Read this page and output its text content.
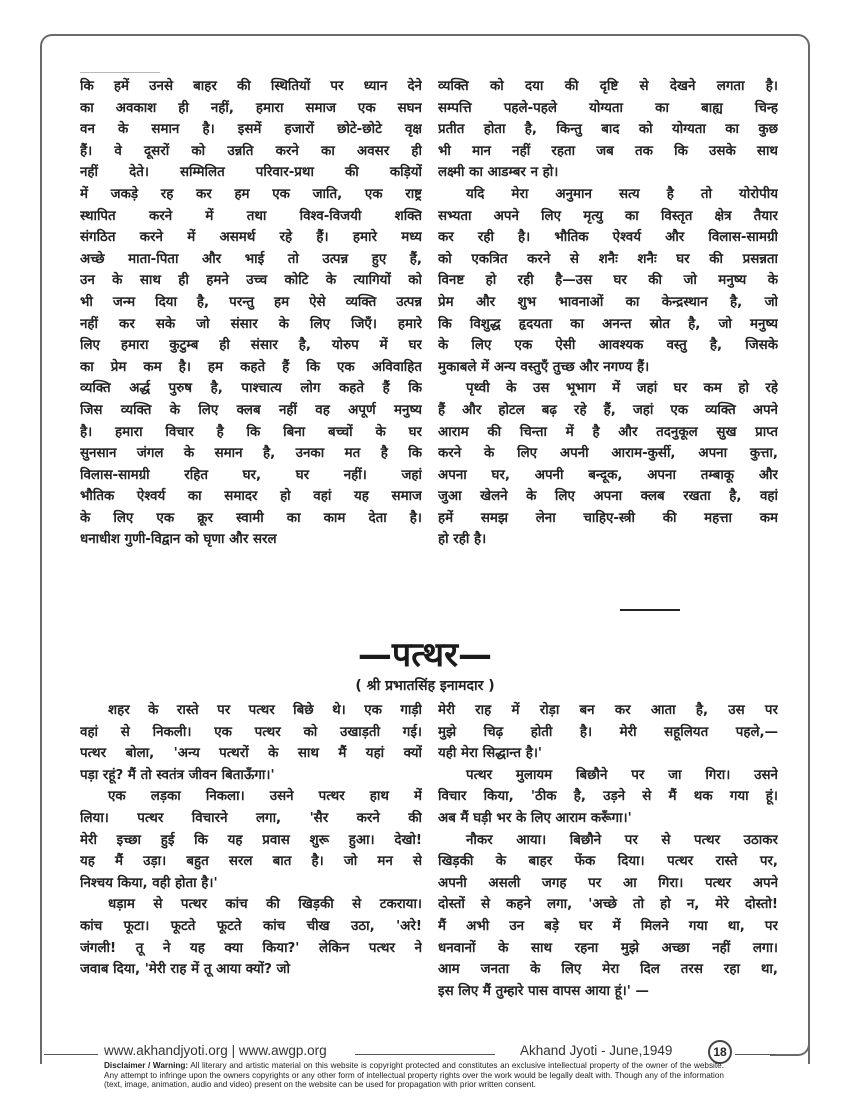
कि हमें उनसे बाहर की स्थितियों पर ध्यान देने
का अवकाश ही नहीं, हमारा समाज एक सघन
वन के समान है। इसमें हजारों छोटे-छोटे वृक्ष
हैं। वे दूसरों को उन्नति करने का अवसर ही
नहीं देते। सम्मिलित परिवार-प्रथा की कड़ियों
में जकड़े रह कर हम एक जाति, एक राष्ट्र
स्थापित करने में तथा विश्व-विजयी शक्ति
संगठित करने में असमर्थ रहे हैं। हमारे मध्य
अच्छे माता-पिता और भाई तो उत्पन्न हुए हैं,
उन के साथ ही हमने उच्च कोटि के त्यागियों को
भी जन्म दिया है, परन्तु हम ऐसे व्यक्ति उत्पन्न
नहीं कर सके जो संसार के लिए जिएँ। हमारे
लिए हमारा कुटुम्ब ही संसार है, योरुप में घर
का प्रेम कम है। हम कहते हैं कि एक अविवाहित
व्यक्ति अर्द्ध पुरुष है, पाश्चात्य लोग कहते हैं कि
जिस व्यक्ति के लिए क्लब नहीं वह अपूर्ण मनुष्य
है। हमारा विचार है कि बिना बच्चों के घर
सुनसान जंगल के समान है, उनका मत है कि
विलास-सामग्री रहित घर, घर नहीं। जहां
भौतिक ऐश्वर्य का समादर हो वहां यह समाज
के लिए एक क्रूर स्वामी का काम देता है।
धनाधीश गुणी-विद्वान को घृणा और सरल

व्यक्ति को दया की दृष्टि से देखने लगता है।
सम्पत्ति पहले-पहले योग्यता का बाह्य चिन्ह
प्रतीत होता है, किन्तु बाद को योग्यता का कुछ
भी मान नहीं रहता जब तक कि उसके साथ
लक्ष्मी का आडम्बर न हो।

यदि मेरा अनुमान सत्य है तो योरोपीय
सभ्यता अपने लिए मृत्यु का विस्तृत क्षेत्र तैयार
कर रही है। भौतिक ऐश्वर्य और विलास-सामग्री
को एकत्रित करने से शनैः शनैः घर की प्रसन्नता
विनष्ट हो रही है—उस घर की जो मनुष्य के
प्रेम और शुभ भावनाओं का केन्द्रस्थान है, जो
कि विशुद्ध हृदयता का अनन्त स्रोत है, जो मनुष्य
के लिए एक ऐसी आवश्यक वस्तु है, जिसके
मुकाबले में अन्य वस्तुएँ तुच्छ और नगण्य हैं।

पृथ्वी के उस भूभाग में जहां घर कम हो रहे
हैं और होटल बढ़ रहे हैं, जहां एक व्यक्ति अपने
आराम की चिन्ता में है और तदनुकूल सुख प्राप्त
करने के लिए अपनी आराम-कुर्सी, अपना कुत्ता,
अपना घर, अपनी बन्दूक, अपना तम्बाकू और
जुआ खेलने के लिए अपना क्लब रखता है, वहां
हमें समझ लेना चाहिए-स्त्री की महत्ता कम
हो रही है।

—पत्थर—
( श्री प्रभातसिंह इनामदार )

शहर के रास्ते पर पत्थर बिछे थे। एक गाड़ी
वहां से निकली। एक पत्थर को उखाड़ती गई।
पत्थर बोला, 'अन्य पत्थरों के साथ मैं यहां क्यों
पड़ा रहूं? मैं तो स्वतंत्र जीवन बिताऊँगा।'

एक लड़का निकला। उसने पत्थर हाथ में
लिया। पत्थर विचारने लगा, 'सैर करने की
मेरी इच्छा हुई कि यह प्रवास शुरू हुआ। देखो!
यह मैं उड़ा। बहुत सरल बात है। जो मन से
निश्चय किया, वही होता है।'

धड़ाम से पत्थर कांच की खिड़की से टकराया।
कांच फूटा। फूटते फूटते कांच चीख उठा, 'अरे!
जंगली! तू ने यह क्या किया?' लेकिन पत्थर ने
जवाब दिया, 'मेरी राह में तू आया क्यों? जो

मेरी राह में रोड़ा बन कर आता है, उस पर
मुझे चिढ़ होती है। मेरी सहूलियत पहले,—
यही मेरा सिद्धान्त है।'

पत्थर मुलायम बिछौने पर जा गिरा। उसने
विचार किया, 'ठीक है, उड़ने से मैं थक गया हूं।
अब मैं घड़ी भर के लिए आराम करूँगा।'

नौकर आया। बिछौने पर से पत्थर उठाकर
खिड़की के बाहर फेंक दिया। पत्थर रास्ते पर,
अपनी असली जगह पर आ गिरा। पत्थर अपने
दोस्तों से कहने लगा, 'अच्छे तो हो न, मेरे दोस्तो!
मैं अभी उन बड़े घर में मिलने गया था, पर
धनवानों के साथ रहना मुझे अच्छा नहीं लगा।
आम जनता के लिए मेरा दिल तरस रहा था,
इस लिए मैं तुम्हारे पास वापस आया हूं।' —

www.akhandjyoti.org | www.awgp.org	Akhand Jyoti - June,1949	18
Disclaimer / Warning: All literary and artistic material on this website is copyright protected and constitutes an exclusive intellectual property of the owner of the website. Any attempt to infringe upon the owners copyrights or any other form of intellectual property rights over the work would be legally dealt with. Though any of the information (text, image, animation, audio and video) present on the website can be used for propagation with prior written consent.
